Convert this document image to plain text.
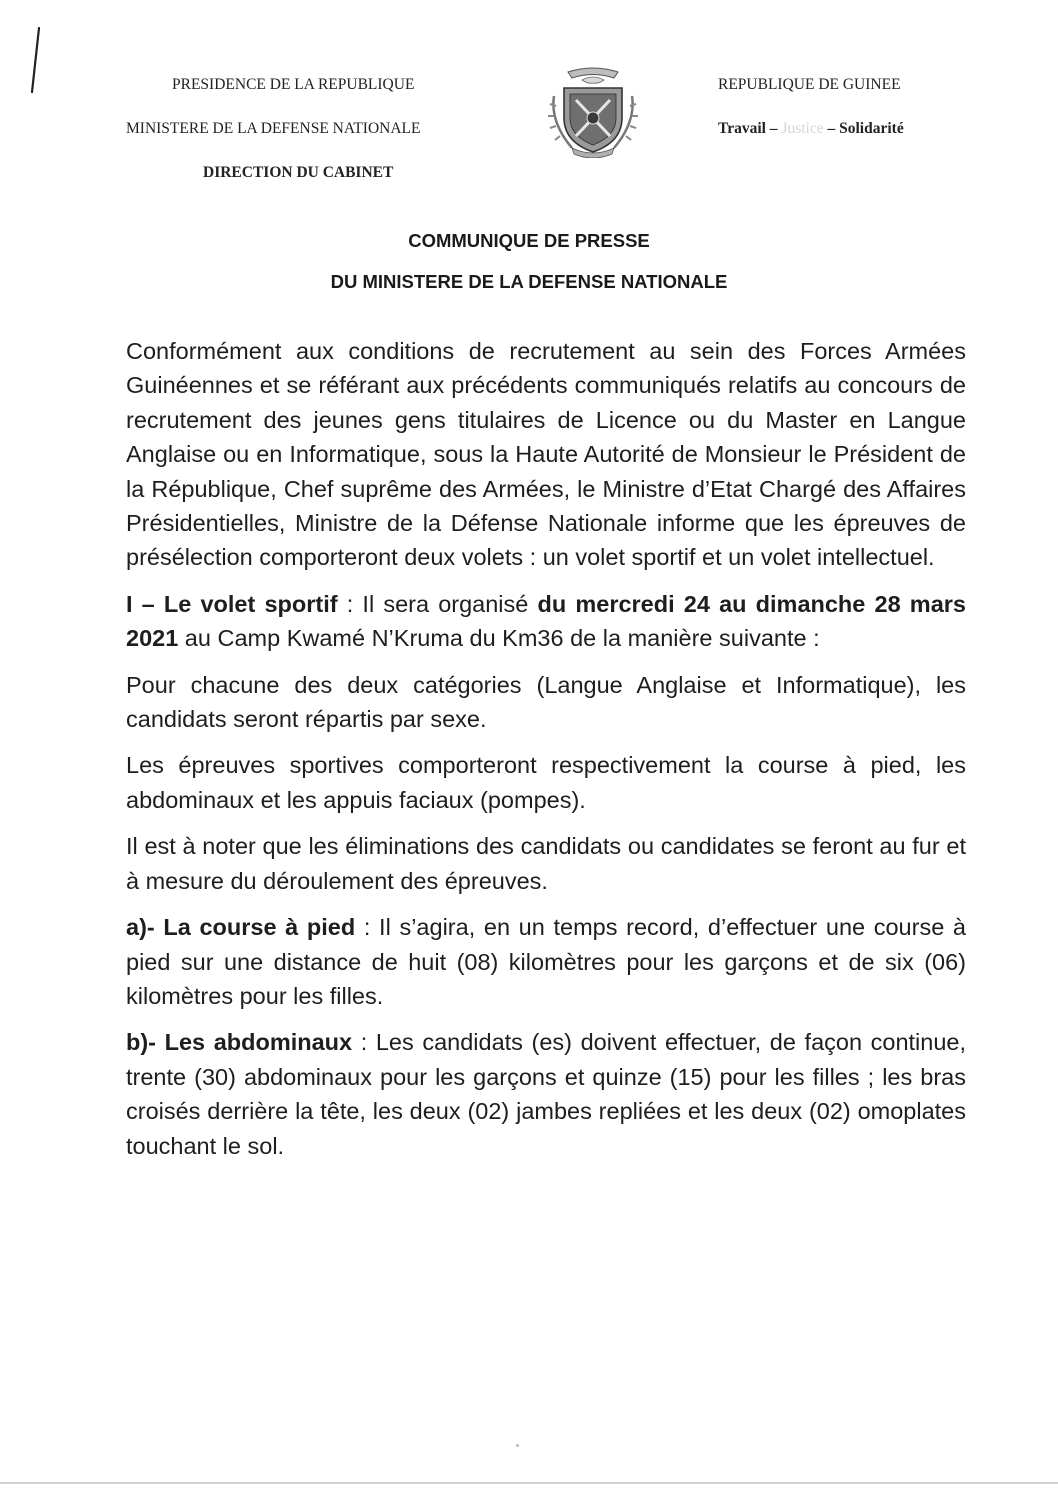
PRESIDENCE DE LA REPUBLIQUE
MINISTERE DE LA DEFENSE NATIONALE
DIRECTION DU CABINET
REPUBLIQUE DE GUINEE
Travail – Justice – Solidarité
COMMUNIQUE DE PRESSE
DU MINISTERE DE LA DEFENSE NATIONALE

Conformément aux conditions de recrutement au sein des Forces Armées Guinéennes et se référant aux précédents communiqués relatifs au concours de recrutement des jeunes gens titulaires de Licence ou du Master en Langue Anglaise ou en Informatique, sous la Haute Autorité de Monsieur le Président de la République, Chef suprême des Armées, le Ministre d’Etat Chargé des Affaires Présidentielles, Ministre de la Défense Nationale informe que les épreuves de présélection comporteront deux volets : un volet sportif et un volet intellectuel.

I – Le volet sportif : Il sera organisé du mercredi 24 au dimanche 28 mars 2021 au Camp Kwamé N’Kruma du Km36 de la manière suivante :

Pour chacune des deux catégories (Langue Anglaise et Informatique), les candidats seront répartis par sexe.

Les épreuves sportives comporteront respectivement la course à pied, les abdominaux et les appuis faciaux (pompes).

Il est à noter que les éliminations des candidats ou candidates se feront au fur et à mesure du déroulement des épreuves.

a)- La course à pied : Il s’agira, en un temps record, d’effectuer une course à pied sur une distance de huit (08) kilomètres pour les garçons et de six (06) kilomètres pour les filles.

b)- Les abdominaux : Les candidats (es) doivent effectuer, de façon continue, trente (30) abdominaux pour les garçons et quinze (15) pour les filles ; les bras croisés derrière la tête, les deux (02) jambes repliées et les deux (02) omoplates touchant le sol.
